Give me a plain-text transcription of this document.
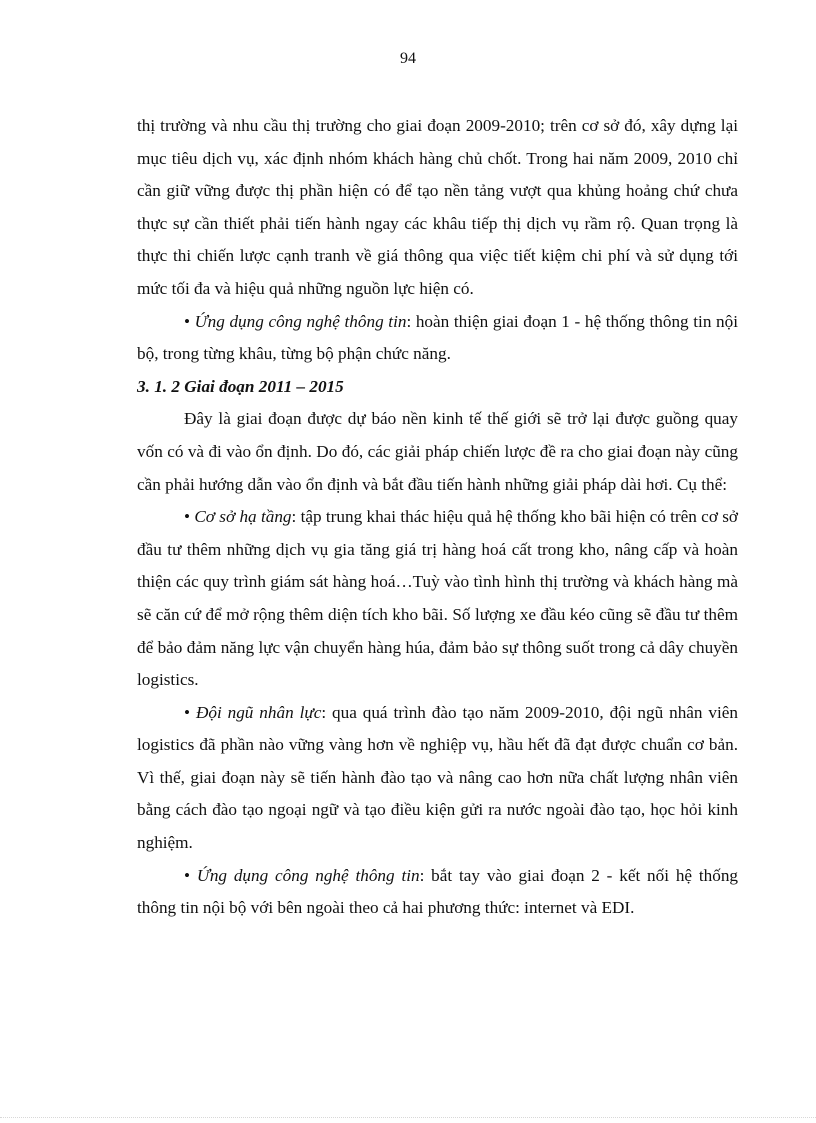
94

thị trường và nhu cầu thị trường cho giai đoạn 2009-2010; trên cơ sở đó, xây dựng lại mục tiêu dịch vụ, xác định nhóm khách hàng chủ chốt. Trong hai năm 2009, 2010 chỉ cần giữ vững được thị phần hiện có để tạo nền tảng vượt qua khủng hoảng chứ chưa thực sự cần thiết phải tiến hành ngay các khâu tiếp thị dịch vụ rầm rộ. Quan trọng là thực thi chiến lược cạnh tranh về giá thông qua việc tiết kiệm chi phí và sử dụng tới mức tối đa và hiệu quả những nguồn lực hiện có.

• Ứng dụng công nghệ thông tin: hoàn thiện giai đoạn 1 - hệ thống thông tin nội bộ, trong từng khâu, từng bộ phận chức năng.

3. 1. 2 Giai đoạn 2011 – 2015

Đây là giai đoạn được dự báo nền kinh tế thế giới sẽ trở lại được guồng quay vốn có và đi vào ổn định. Do đó, các giải pháp chiến lược đề ra cho giai đoạn này cũng cần phải hướng dẫn vào ổn định và bắt đầu tiến hành những giải pháp dài hơi. Cụ thể:

• Cơ sở hạ tầng: tập trung khai thác hiệu quả hệ thống kho bãi hiện có trên cơ sở đầu tư thêm những dịch vụ gia tăng giá trị hàng hoá cất trong kho, nâng cấp và hoàn thiện các quy trình giám sát hàng hoá…Tuỳ vào tình hình thị trường và khách hàng mà sẽ căn cứ để mở rộng thêm diện tích kho bãi. Số lượng xe đầu kéo cũng sẽ đầu tư thêm để bảo đảm năng lực vận chuyển hàng húa, đảm bảo sự thông suốt trong cả dây chuyền logistics.

• Đội ngũ nhân lực: qua quá trình đào tạo năm 2009-2010, đội ngũ nhân viên logistics đã phần nào vững vàng hơn về nghiệp vụ, hầu hết đã đạt được chuẩn cơ bản. Vì thế, giai đoạn này sẽ tiến hành đào tạo và nâng cao hơn nữa chất lượng nhân viên bằng cách đào tạo ngoại ngữ và tạo điều kiện gửi ra nước ngoài đào tạo, học hỏi kinh nghiệm.

• Ứng dụng công nghệ thông tin: bắt tay vào giai đoạn 2 - kết nối hệ thống thông tin nội bộ với bên ngoài theo cả hai phương thức: internet và EDI.
